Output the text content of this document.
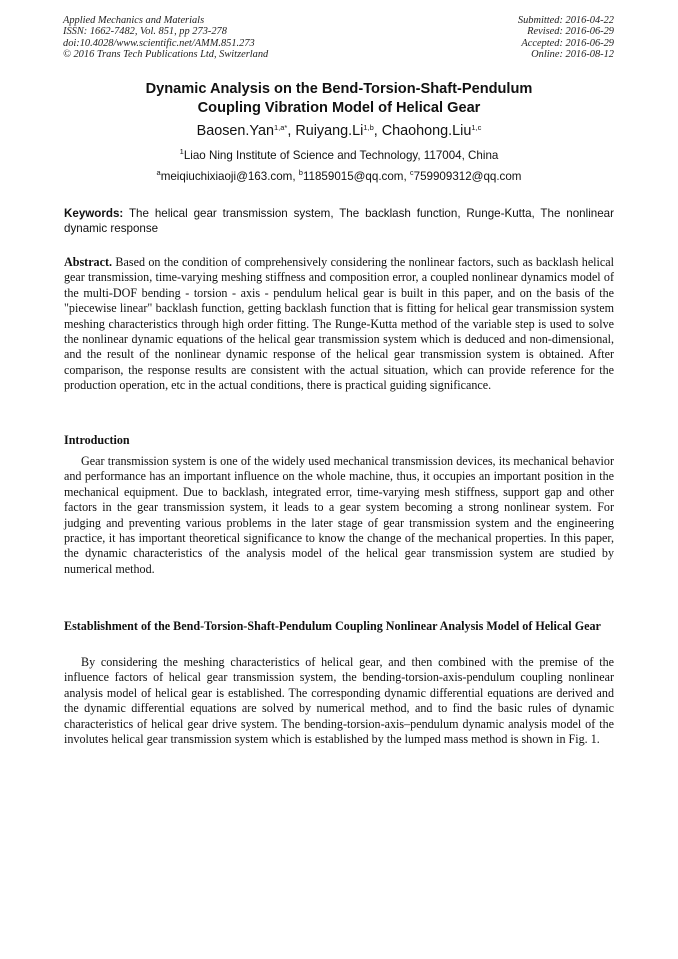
Applied Mechanics and Materials
ISSN: 1662-7482, Vol. 851, pp 273-278
doi:10.4028/www.scientific.net/AMM.851.273
© 2016 Trans Tech Publications Ltd, Switzerland
Submitted: 2016-04-22
Revised: 2016-06-29
Accepted: 2016-06-29
Online: 2016-08-12
Dynamic Analysis on the Bend-Torsion-Shaft-Pendulum
Coupling Vibration Model of Helical Gear
Baosen.Yan$^{1,a*}$, Ruiyang.Li$^{1,b}$, Chaohong.Liu$^{1,c}$
$^1$Liao Ning Institute of Science and Technology, 117004, China
$^a$meiqiuchixiaoji@163.com, $^b$11859015@qq.com, $^c$759909312@qq.com
Keywords: The helical gear transmission system, The backlash function, Runge-Kutta, The nonlinear dynamic response

Abstract. Based on the condition of comprehensively considering the nonlinear factors, such as backlash helical gear transmission, time-varying meshing stiffness and composition error, a coupled nonlinear dynamics model of the multi-DOF bending - torsion - axis - pendulum helical gear is built in this paper, and on the basis of the "piecewise linear" backlash function, getting backlash function that is fitting for helical gear transmission system meshing characteristics through high order fitting. The Runge-Kutta method of the variable step is used to solve the nonlinear dynamic equations of the helical gear transmission system which is deduced and non-dimensional, and the result of the nonlinear dynamic response of the helical gear transmission system is obtained. After comparison, the response results are consistent with the actual situation, which can provide reference for the production operation, etc in the actual conditions, there is practical guiding significance.

Introduction

Gear transmission system is one of the widely used mechanical transmission devices, its mechanical behavior and performance has an important influence on the whole machine, thus, it occupies an important position in the mechanical equipment. Due to backlash, integrated error, time-varying mesh stiffness, support gap and other factors in the gear transmission system, it leads to a gear system becoming a strong nonlinear system. For judging and preventing various problems in the later stage of gear transmission system and the engineering practice, it has important theoretical significance to know the change of the mechanical properties. In this paper, the dynamic characteristics of the analysis model of the helical gear transmission system are studied by numerical method.

Establishment of the Bend-Torsion-Shaft-Pendulum Coupling Nonlinear Analysis Model of Helical Gear

By considering the meshing characteristics of helical gear, and then combined with the premise of the influence factors of helical gear transmission system, the bending-torsion-axis-pendulum coupling nonlinear analysis model of helical gear is established. The corresponding dynamic differential equations are derived and the dynamic differential equations are solved by numerical method, and to find the basic rules of dynamic characteristics of helical gear drive system. The bending-torsion-axis–pendulum dynamic analysis model of the involutes helical gear transmission system which is established by the lumped mass method is shown in Fig. 1.
